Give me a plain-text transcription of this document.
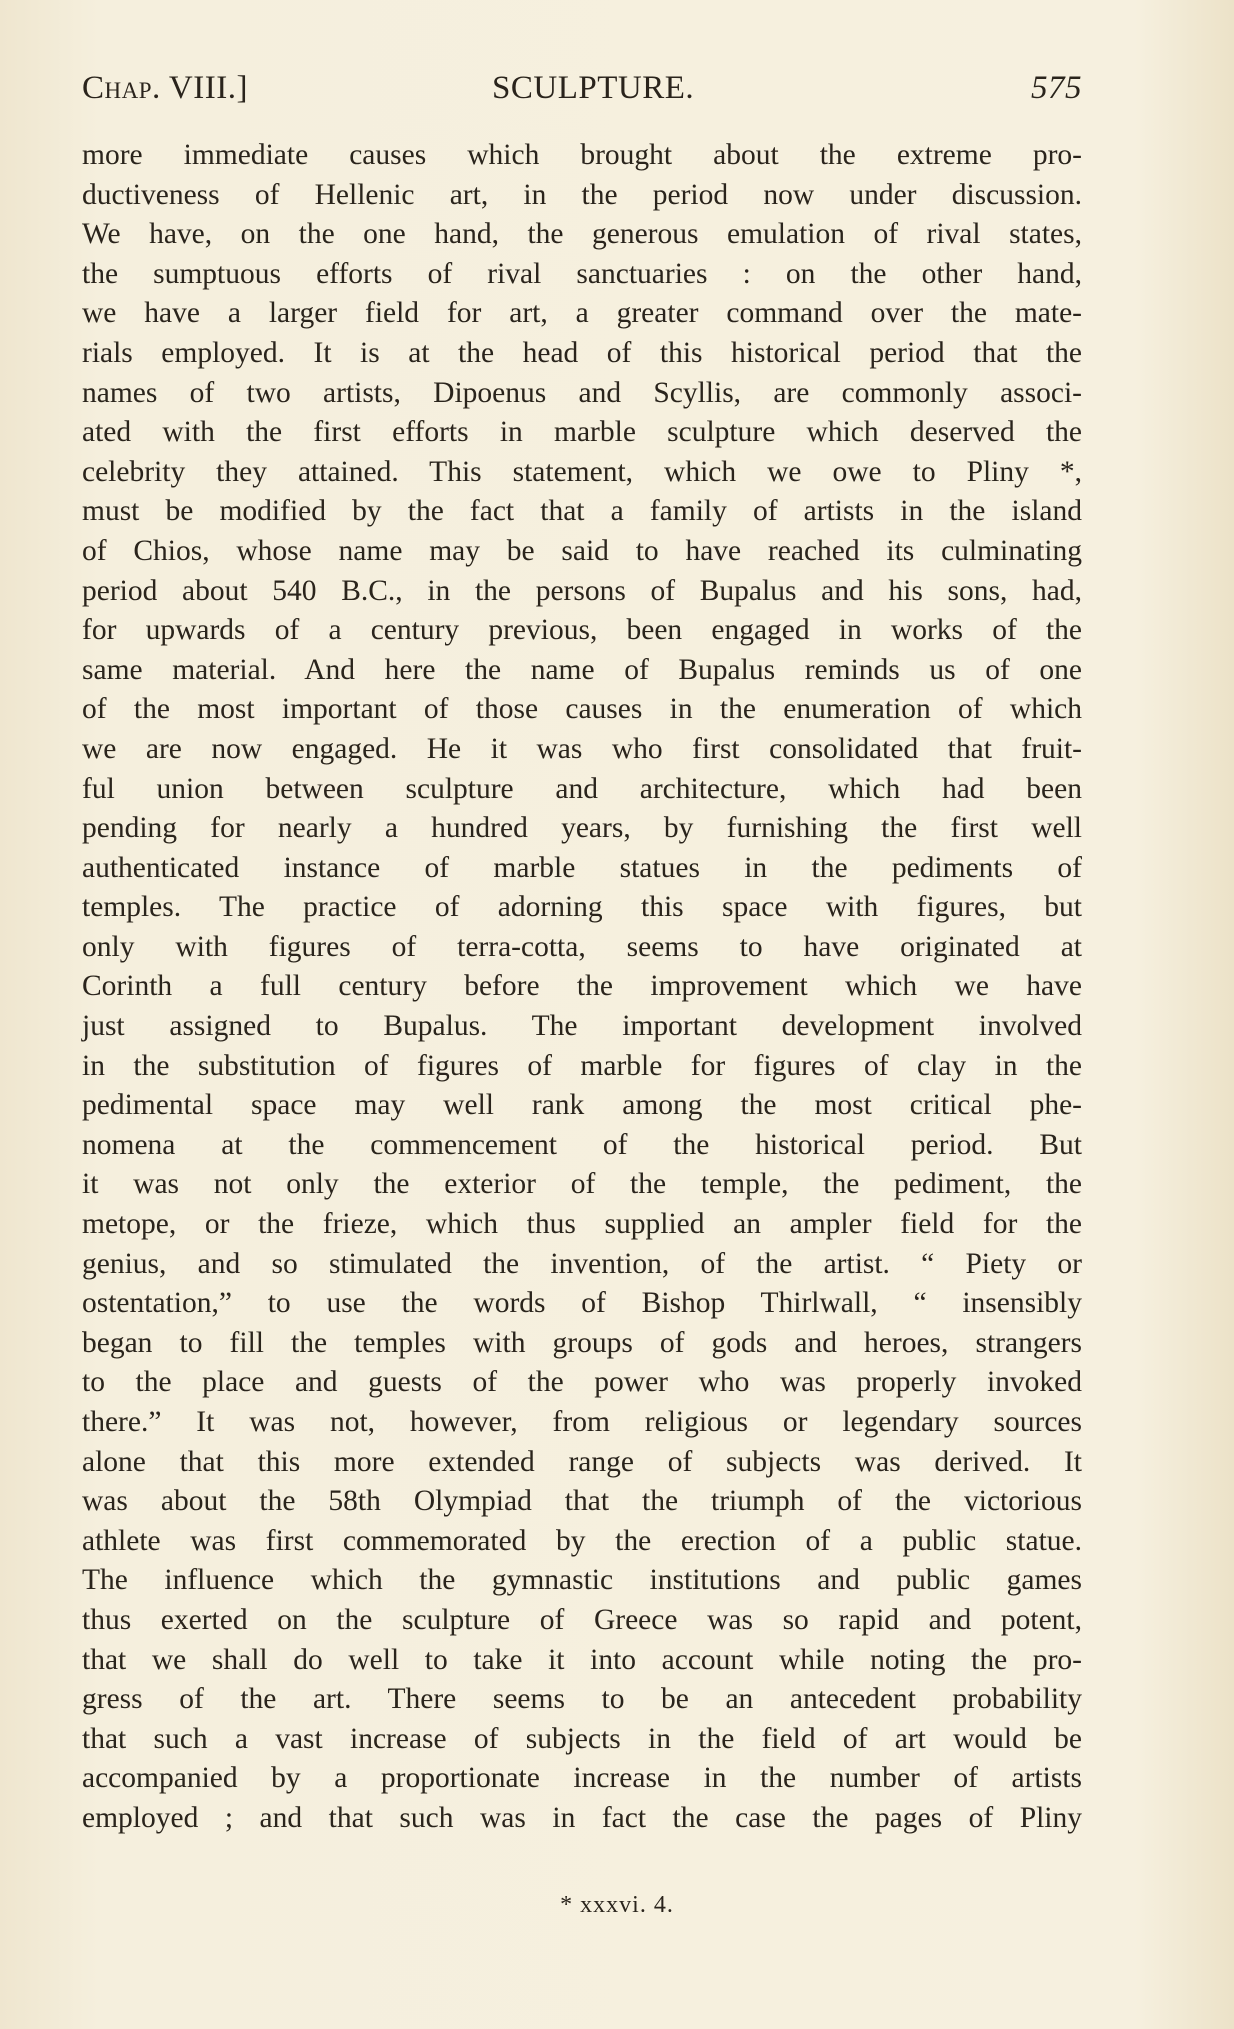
Chap. VIII.]	SCULPTURE.	575
more immediate causes which brought about the extreme pro-
ductiveness of Hellenic art, in the period now under discussion.
We have, on the one hand, the generous emulation of rival states,
the sumptuous efforts of rival sanctuaries : on the other hand,
we have a larger field for art, a greater command over the mate-
rials employed. It is at the head of this historical period that the
names of two artists, Dipoenus and Scyllis, are commonly associ-
ated with the first efforts in marble sculpture which deserved the
celebrity they attained. This statement, which we owe to Pliny *,
must be modified by the fact that a family of artists in the island
of Chios, whose name may be said to have reached its culminating
period about 540 B.C., in the persons of Bupalus and his sons, had,
for upwards of a century previous, been engaged in works of the
same material. And here the name of Bupalus reminds us of one
of the most important of those causes in the enumeration of which
we are now engaged. He it was who first consolidated that fruit-
ful union between sculpture and architecture, which had been
pending for nearly a hundred years, by furnishing the first well
authenticated instance of marble statues in the pediments of
temples. The practice of adorning this space with figures, but
only with figures of terra-cotta, seems to have originated at
Corinth a full century before the improvement which we have
just assigned to Bupalus. The important development involved
in the substitution of figures of marble for figures of clay in the
pedimental space may well rank among the most critical phe-
nomena at the commencement of the historical period. But
it was not only the exterior of the temple, the pediment, the
metope, or the frieze, which thus supplied an ampler field for the
genius, and so stimulated the invention, of the artist. “ Piety or
ostentation,” to use the words of Bishop Thirlwall, “ insensibly
began to fill the temples with groups of gods and heroes, strangers
to the place and guests of the power who was properly invoked
there.” It was not, however, from religious or legendary sources
alone that this more extended range of subjects was derived. It
was about the 58th Olympiad that the triumph of the victorious
athlete was first commemorated by the erection of a public statue.
The influence which the gymnastic institutions and public games
thus exerted on the sculpture of Greece was so rapid and potent,
that we shall do well to take it into account while noting the pro-
gress of the art. There seems to be an antecedent probability
that such a vast increase of subjects in the field of art would be
accompanied by a proportionate increase in the number of artists
employed ; and that such was in fact the case the pages of Pliny
* xxxvi. 4.
